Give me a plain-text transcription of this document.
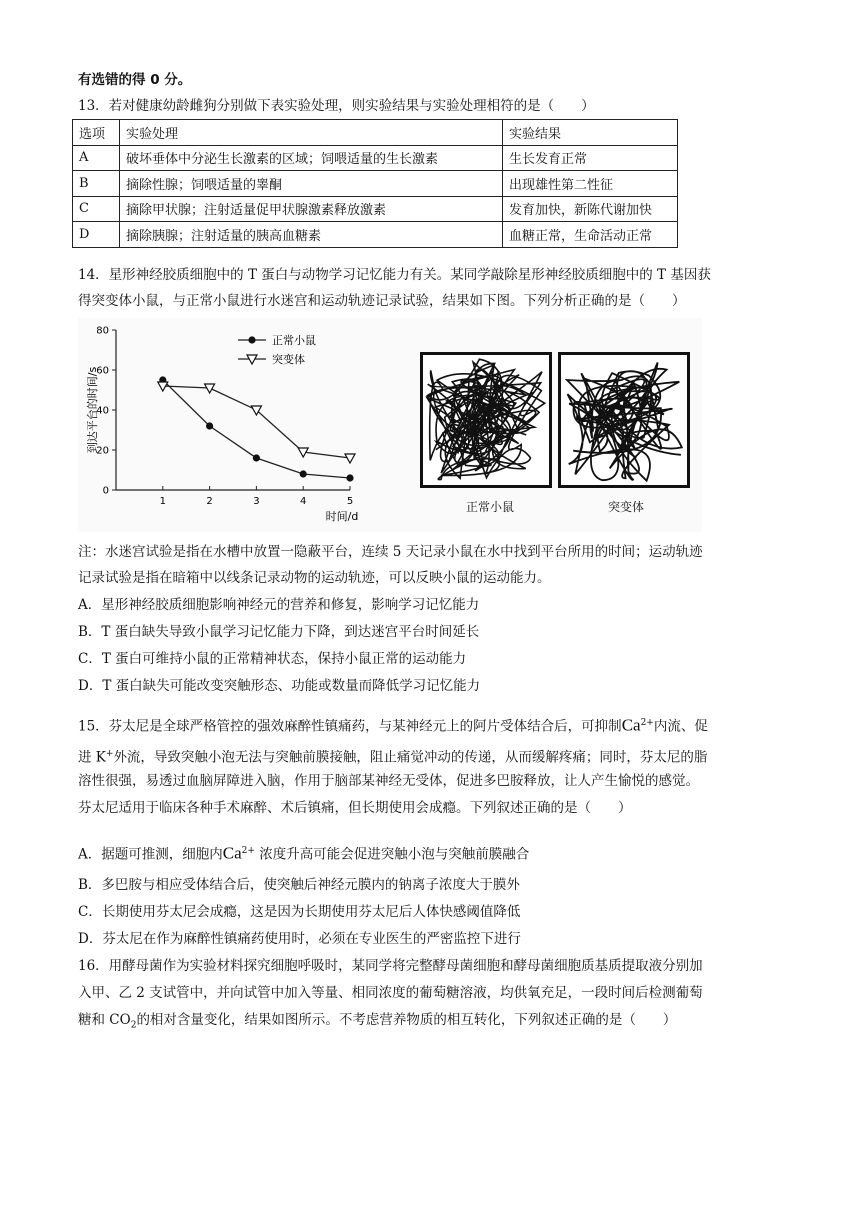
有选错的得 0 分。
13．若对健康幼龄雌狗分别做下表实验处理，则实验结果与实验处理相符的是（　　）
选项	实验处理	实验结果
A	破坏垂体中分泌生长激素的区域；饲喂适量的生长激素	生长发育正常
B	摘除性腺；饲喂适量的睾酮	出现雄性第二性征
C	摘除甲状腺；注射适量促甲状腺激素释放激素	发育加快，新陈代谢加快
D	摘除胰腺；注射适量的胰高血糖素	血糖正常，生命活动正常
14．星形神经胶质细胞中的 T 蛋白与动物学习记忆能力有关。某同学敲除星形神经胶质细胞中的 T 基因获
得突变体小鼠，与正常小鼠进行水迷宫和运动轨迹记录试验，结果如下图。下列分析正确的是（　　）
0
20
40
60
80
1	2	3	4	5
时间/d
到达平台的时间/s
正常小鼠
突变体
正常小鼠	突变体
注：水迷宫试验是指在水槽中放置一隐蔽平台，连续 5 天记录小鼠在水中找到平台所用的时间；运动轨迹
记录试验是指在暗箱中以线条记录动物的运动轨迹，可以反映小鼠的运动能力。
A．星形神经胶质细胞影响神经元的营养和修复，影响学习记忆能力
B．T 蛋白缺失导致小鼠学习记忆能力下降，到达迷宫平台时间延长
C．T 蛋白可维持小鼠的正常精神状态，保持小鼠正常的运动能力
D．T 蛋白缺失可能改变突触形态、功能或数量而降低学习记忆能力
15．芬太尼是全球严格管控的强效麻醉性镇痛药，与某神经元上的阿片受体结合后，可抑制$Ca^{2+}$内流、促
进 K+外流，导致突触小泡无法与突触前膜接触，阻止痛觉冲动的传递，从而缓解疼痛；同时，芬太尼的脂
溶性很强，易透过血脑屏障进入脑，作用于脑部某神经无受体，促进多巴胺释放，让人产生愉悦的感觉。
芬太尼适用于临床各种手术麻醉、术后镇痛，但长期使用会成瘾。下列叙述正确的是（　　）
A．据题可推测，细胞内$Ca^{2+}$ 浓度升高可能会促进突触小泡与突触前膜融合
B．多巴胺与相应受体结合后，使突触后神经元膜内的钠离子浓度大于膜外
C．长期使用芬太尼会成瘾，这是因为长期使用芬太尼后人体快感阈值降低
D．芬太尼在作为麻醉性镇痛药使用时，必须在专业医生的严密监控下进行
16．用酵母菌作为实验材料探究细胞呼吸时，某同学将完整酵母菌细胞和酵母菌细胞质基质提取液分别加
入甲、乙 2 支试管中，并向试管中加入等量、相同浓度的葡萄糖溶液，均供氧充足，一段时间后检测葡萄
糖和 $CO_2$的相对含量变化，结果如图所示。不考虑营养物质的相互转化，下列叙述正确的是（　　）
